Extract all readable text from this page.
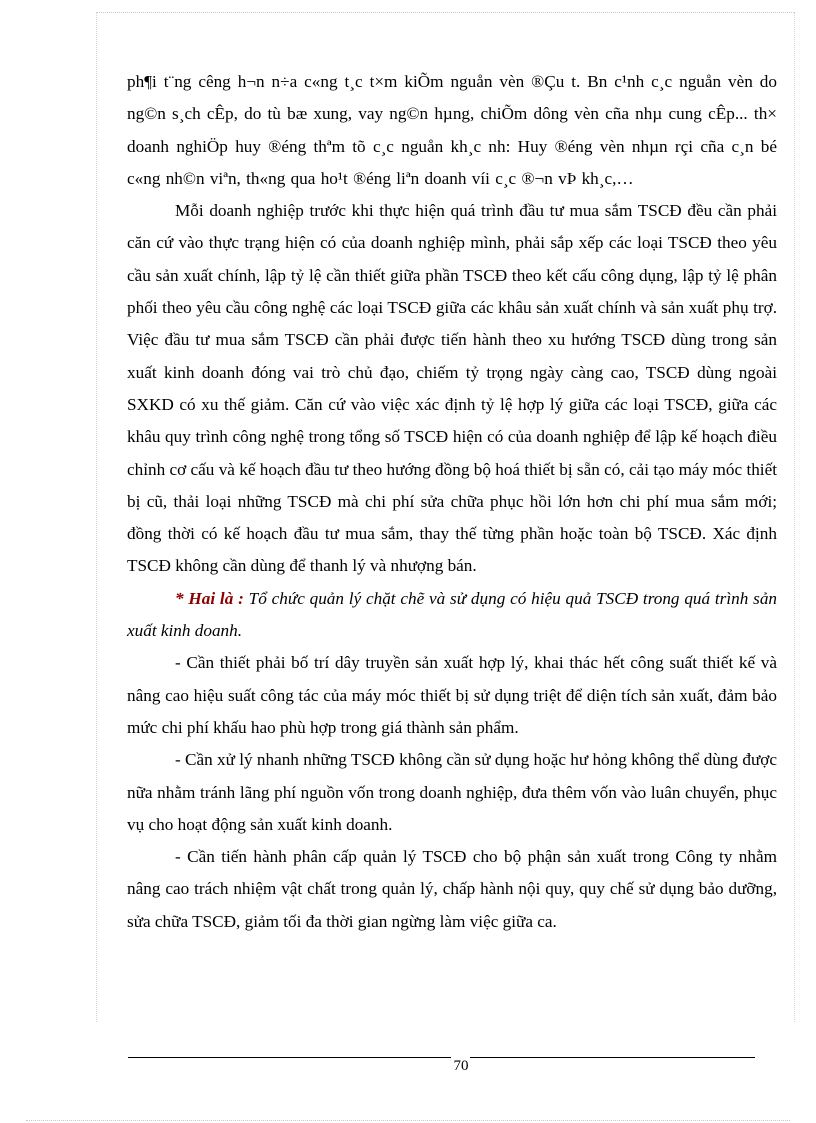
ph¶i t¨ng cêng h¬n n÷a c«ng t¸c t×m kiÕm nguån vèn ®Çu t. Bn c¹nh c¸c nguån vèn do ng©n s¸ch cÊp, do tù bæ xung, vay ng©n hµng, chiÕm dông vèn cña nhµ cung cÊp... th× doanh nghiÖp huy ®éng thªm tõ c¸c nguån kh¸c nh: Huy ®éng vèn nhµn rçi cña c¸n bé c«ng nh©n viªn, th«ng qua ho¹t ®éng liªn doanh víi c¸c ®¬n vÞ kh¸c,…

Mỗi doanh nghiệp trước khi thực hiện quá trình đầu tư mua sắm TSCĐ đều cần phải căn cứ vào thực trạng hiện có của doanh nghiệp mình, phải sắp xếp các loại TSCĐ theo yêu cầu sản xuất chính, lập tỷ lệ cần thiết giữa phần TSCĐ theo kết cấu công dụng, lập tỷ lệ phân phối theo yêu cầu công nghệ các loại TSCĐ giữa các khâu sản xuất chính và sản xuất phụ trợ. Việc đầu tư mua sắm TSCĐ cần phải được tiến hành theo xu hướng TSCĐ dùng trong sản xuất kinh doanh đóng vai trò chủ đạo, chiếm tỷ trọng ngày càng cao, TSCĐ dùng ngoài SXKD có xu thế giảm. Căn cứ vào việc xác định tỷ lệ hợp lý giữa các loại TSCĐ, giữa các khâu quy trình công nghệ trong tổng số TSCĐ hiện có của doanh nghiệp để lập kế hoạch điều chỉnh cơ cấu và kế hoạch đầu tư theo hướng đồng bộ hoá thiết bị sẵn có, cải tạo máy móc thiết bị cũ, thải loại những TSCĐ mà chi phí sửa chữa phục hồi lớn hơn chi phí mua sắm mới; đồng thời có kế hoạch đầu tư mua sắm, thay thế từng phần hoặc toàn bộ TSCĐ. Xác định TSCĐ không cần dùng để thanh lý và nhượng bán.

* Hai là : Tổ chức quản lý chặt chẽ và sử dụng có hiệu quả TSCĐ trong quá trình sản xuất kinh doanh.

- Cần thiết phải bố trí dây truyền sản xuất hợp lý, khai thác hết công suất thiết kế và nâng cao hiệu suất công tác của máy móc thiết bị sử dụng triệt để diện tích sản xuất, đảm bảo mức chi phí khấu hao phù hợp trong giá thành sản phẩm.

- Cần xử lý nhanh những TSCĐ không cần sử dụng hoặc hư hỏng không thể dùng được nữa nhằm tránh lãng phí nguồn vốn trong doanh nghiệp, đưa thêm vốn vào luân chuyển, phục vụ cho hoạt động sản xuất kinh doanh.

- Cần tiến hành phân cấp quản lý TSCĐ cho bộ phận sản xuất trong Công ty nhằm nâng cao trách nhiệm vật chất trong quản lý, chấp hành nội quy, quy chế sử dụng bảo dưỡng, sửa chữa TSCĐ, giảm tối đa thời gian ngừng làm việc giữa ca.

70
